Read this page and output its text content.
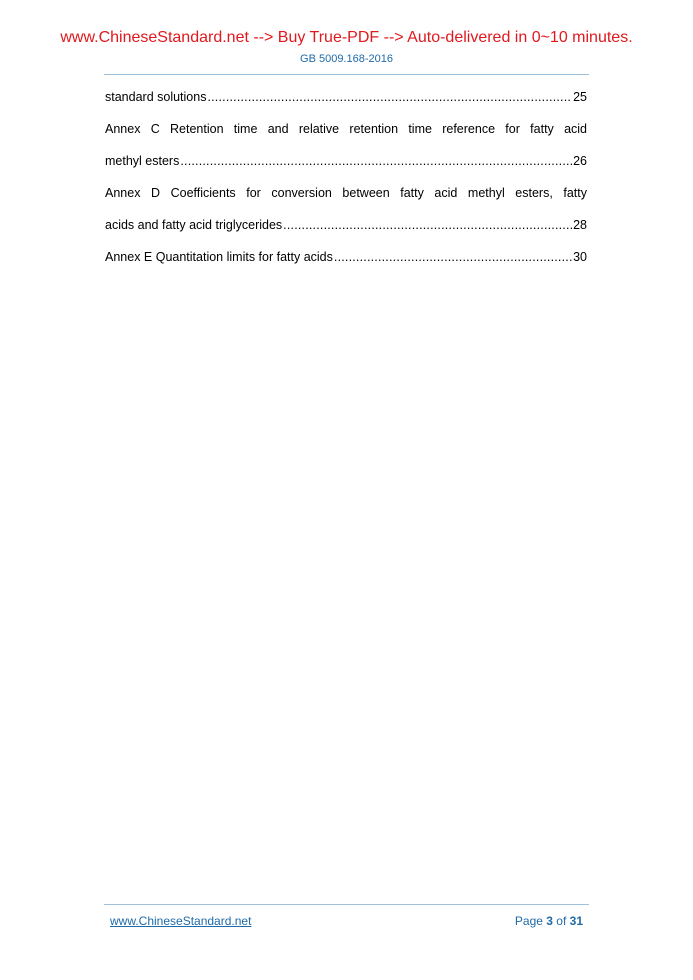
www.ChineseStandard.net --> Buy True-PDF --> Auto-delivered in 0~10 minutes.
GB 5009.168-2016
standard solutions .....	25
Annex C Retention time and relative retention time reference for fatty acid
methyl esters .....	26
Annex D Coefficients for conversion between fatty acid methyl esters, fatty
acids and fatty acid triglycerides .....	28
Annex E Quantitation limits for fatty acids .....	30
www.ChineseStandard.net	Page 3 of 31
